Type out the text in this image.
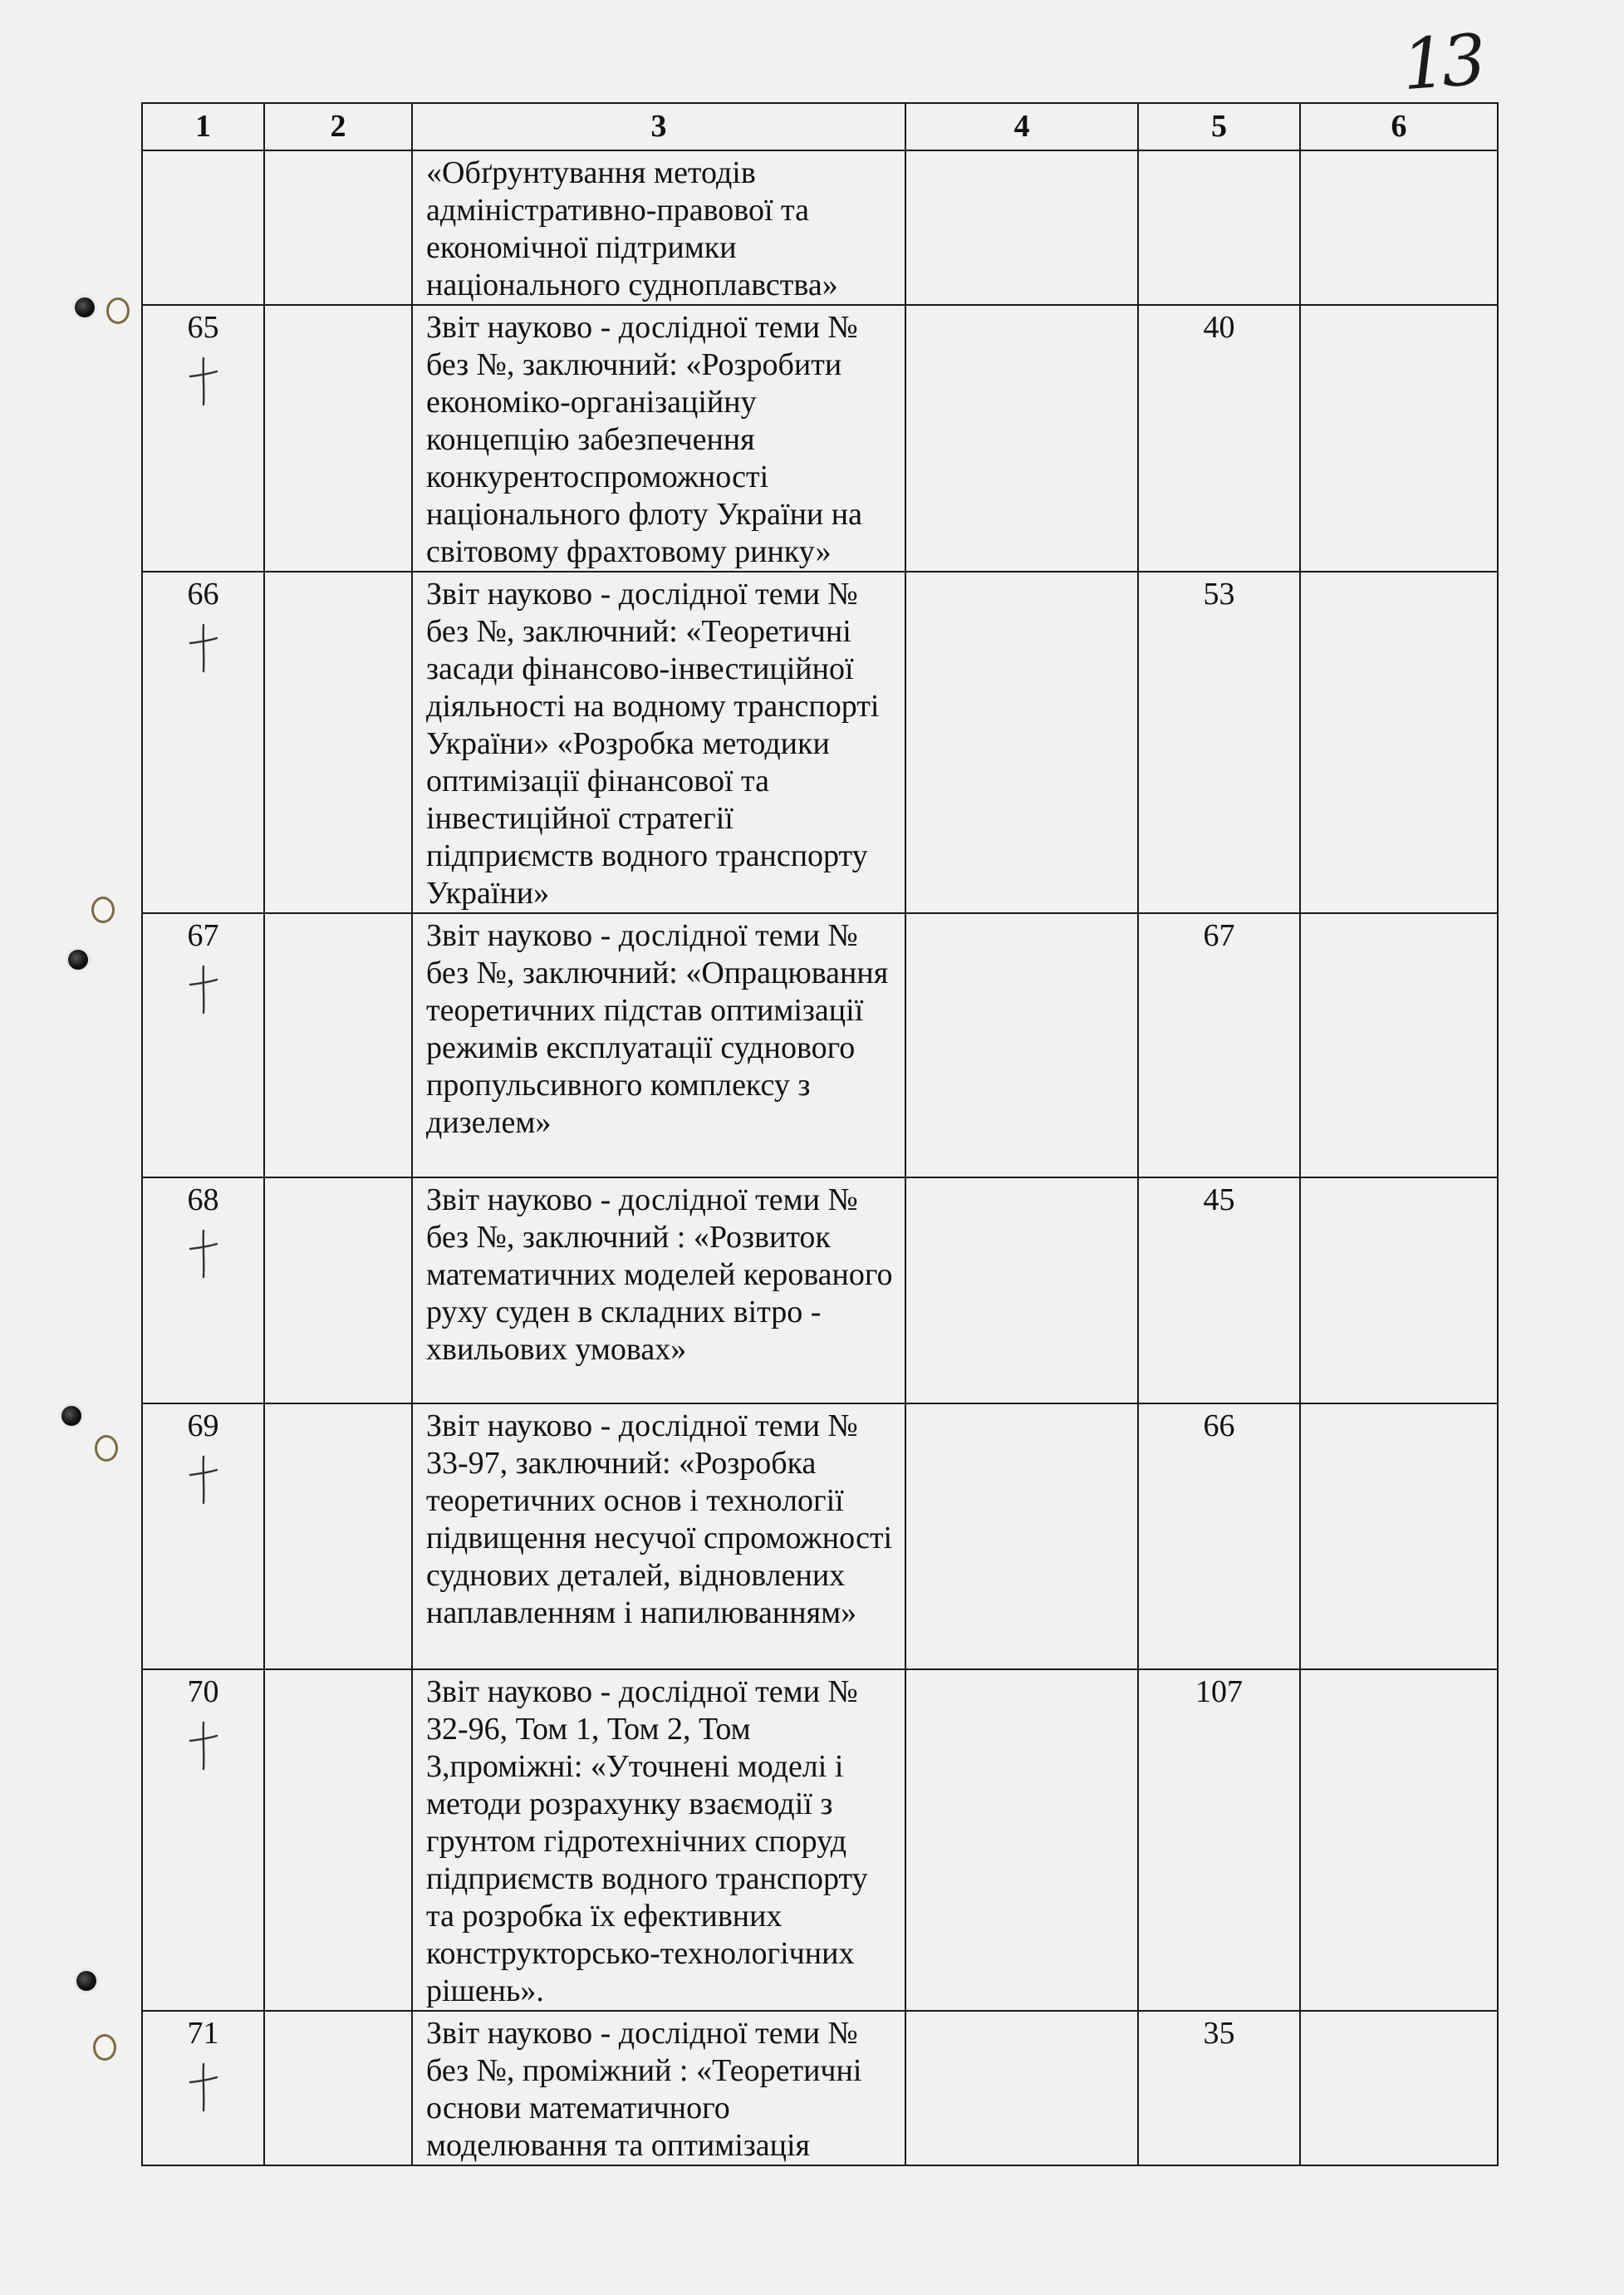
13
1	2	3	4	5	6
		«Обґрунтування методів адміністративно-правової та економічної підтримки національного судноплавства»			
65		Звіт науково - дослідної теми № без №, заключний: «Розробити економіко-організаційну концепцію забезпечення конкурентоспроможності національного флоту України на світовому фрахтовому ринку»		40	
66		Звіт науково - дослідної теми № без №, заключний: «Теоретичні засади фінансово-інвестиційної діяльності на водному транспорті України» «Розробка методики оптимізації фінансової та інвестиційної стратегії підприємств водного транспорту України»		53	
67		Звіт науково - дослідної теми № без №, заключний: «Опрацювання теоретичних підстав оптимізації режимів експлуатації суднового пропульсивного комплексу з дизелем»		67	
68		Звіт науково - дослідної теми № без №, заключний : «Розвиток математичних моделей керованого руху суден в складних вітро - хвильових умовах»		45	
69		Звіт науково - дослідної теми № 33-97, заключний: «Розробка теоретичних основ і технології підвищення несучої спроможності суднових деталей, відновлених наплавленням і напилюванням»		66	
70		Звіт науково - дослідної теми № 32-96, Том 1, Том 2, Том 3,проміжні: «Уточнені моделі і методи розрахунку взаємодії з грунтом гідротехнічних споруд підприємств водного транспорту та розробка їх ефективних конструкторсько-технологічних рішень».		107	
71		Звіт науково - дослідної теми № без №, проміжний : «Теоретичні основи математичного моделювання та оптимізація		35	
